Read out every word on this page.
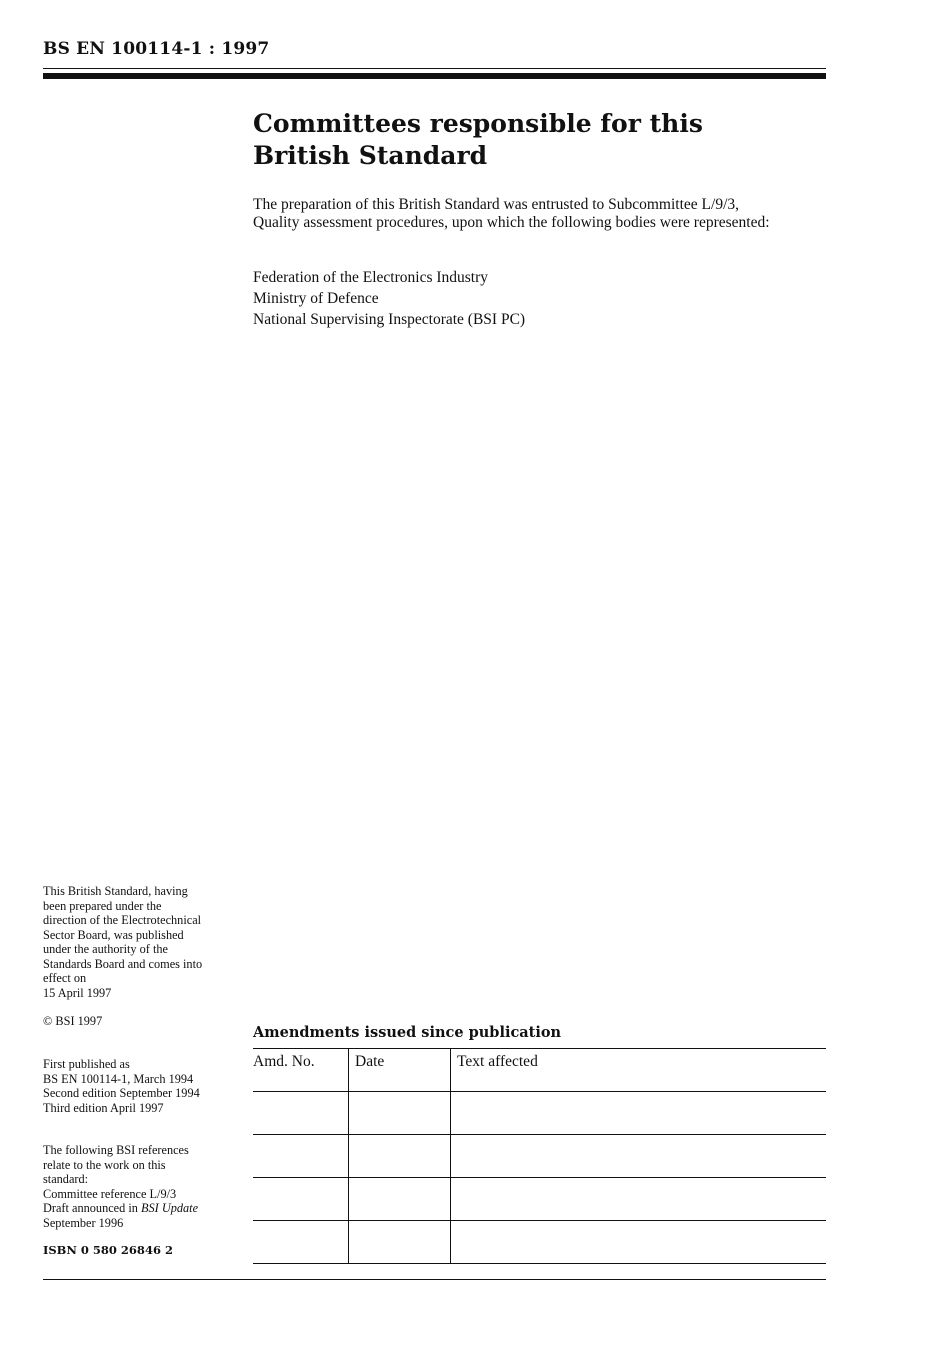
BS EN 100114-1 : 1997
Committees responsible for this
British Standard
The preparation of this British Standard was entrusted to Subcommittee L/9/3,
Quality assessment procedures, upon which the following bodies were represented:
Federation of the Electronics Industry
Ministry of Defence
National Supervising Inspectorate (BSI PC)
This British Standard, having
been prepared under the
direction of the Electrotechnical
Sector Board, was published
under the authority of the
Standards Board and comes into
effect on
15 April 1997
© BSI 1997
First published as
BS EN 100114-1, March 1994
Second edition September 1994
Third edition April 1997
The following BSI references
relate to the work on this
standard:
Committee reference L/9/3
Draft announced in BSI Update
September 1996
ISBN 0 580 26846 2
Amendments issued since publication
Amd. No.	Date	Text affected
